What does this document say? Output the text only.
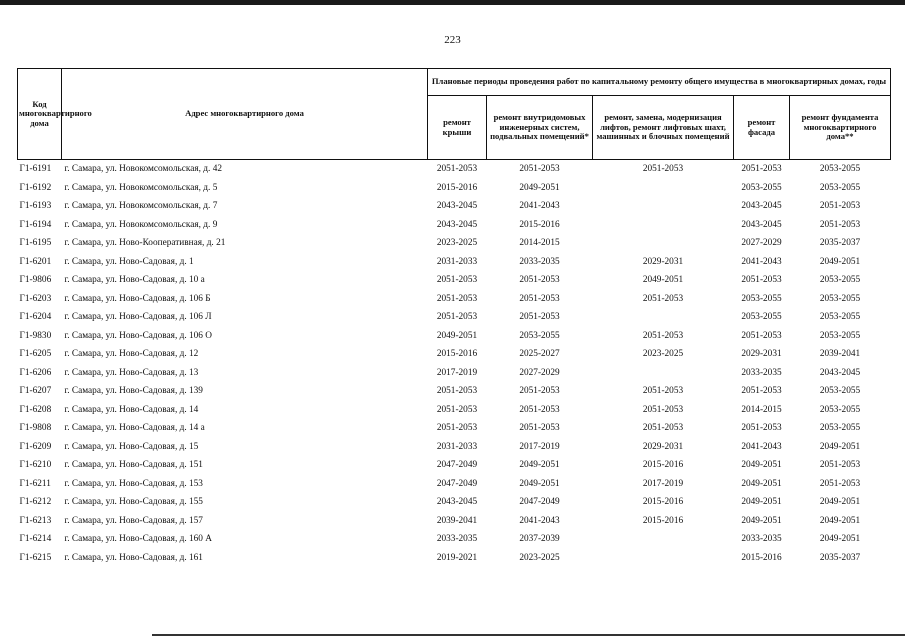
223
Код многоквартирного дома	Адрес многоквартирного дома	Плановые периоды проведения работ по капитальному ремонту общего имущества в многоквартирных домах, годы				
		ремонт крыши	ремонт внутридомовых инженерных систем, подвальных помещений*	ремонт, замена, модернизация лифтов, ремонт лифтовых шахт, машинных и блочных помещений	ремонт фасада	ремонт фундамента многоквартирного дома**
Г1-6191	г. Самара, ул. Новокомсомольская, д. 42	2051-2053	2051-2053	2051-2053	2051-2053	2053-2055
Г1-6192	г. Самара, ул. Новокомсомольская, д. 5	2015-2016	2049-2051		2053-2055	2053-2055
Г1-6193	г. Самара, ул. Новокомсомольская, д. 7	2043-2045	2041-2043		2043-2045	2051-2053
Г1-6194	г. Самара, ул. Новокомсомольская, д. 9	2043-2045	2015-2016		2043-2045	2051-2053
Г1-6195	г. Самара, ул. Ново-Кооперативная, д. 21	2023-2025	2014-2015		2027-2029	2035-2037
Г1-6201	г. Самара, ул. Ново-Садовая, д. 1	2031-2033	2033-2035	2029-2031	2041-2043	2049-2051
Г1-9806	г. Самара, ул. Ново-Садовая, д. 10 а	2051-2053	2051-2053	2049-2051	2051-2053	2053-2055
Г1-6203	г. Самара, ул. Ново-Садовая, д. 106 Б	2051-2053	2051-2053	2051-2053	2053-2055	2053-2055
Г1-6204	г. Самара, ул. Ново-Садовая, д. 106 Л	2051-2053	2051-2053		2053-2055	2053-2055
Г1-9830	г. Самара, ул. Ново-Садовая, д. 106 О	2049-2051	2053-2055	2051-2053	2051-2053	2053-2055
Г1-6205	г. Самара, ул. Ново-Садовая, д. 12	2015-2016	2025-2027	2023-2025	2029-2031	2039-2041
Г1-6206	г. Самара, ул. Ново-Садовая, д. 13	2017-2019	2027-2029		2033-2035	2043-2045
Г1-6207	г. Самара, ул. Ново-Садовая, д. 139	2051-2053	2051-2053	2051-2053	2051-2053	2053-2055
Г1-6208	г. Самара, ул. Ново-Садовая, д. 14	2051-2053	2051-2053	2051-2053	2014-2015	2053-2055
Г1-9808	г. Самара, ул. Ново-Садовая, д. 14 а	2051-2053	2051-2053	2051-2053	2051-2053	2053-2055
Г1-6209	г. Самара, ул. Ново-Садовая, д. 15	2031-2033	2017-2019	2029-2031	2041-2043	2049-2051
Г1-6210	г. Самара, ул. Ново-Садовая, д. 151	2047-2049	2049-2051	2015-2016	2049-2051	2051-2053
Г1-6211	г. Самара, ул. Ново-Садовая, д. 153	2047-2049	2049-2051	2017-2019	2049-2051	2051-2053
Г1-6212	г. Самара, ул. Ново-Садовая, д. 155	2043-2045	2047-2049	2015-2016	2049-2051	2049-2051
Г1-6213	г. Самара, ул. Ново-Садовая, д. 157	2039-2041	2041-2043	2015-2016	2049-2051	2049-2051
Г1-6214	г. Самара, ул. Ново-Садовая, д. 160 А	2033-2035	2037-2039		2033-2035	2049-2051
Г1-6215	г. Самара, ул. Ново-Садовая, д. 161	2019-2021	2023-2025		2015-2016	2035-2037
